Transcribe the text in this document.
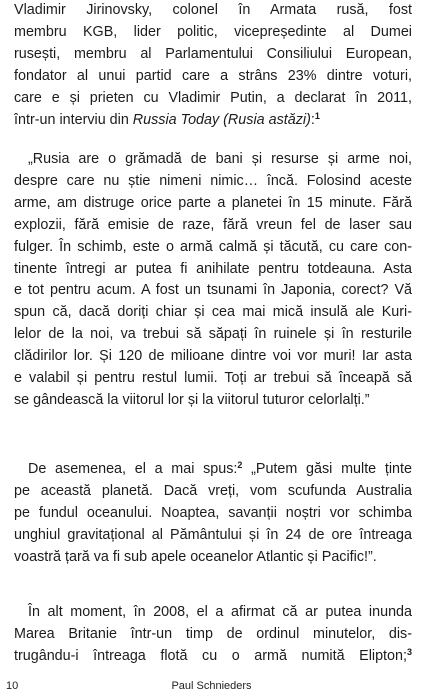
Vladimir Jirinovsky, colonel în Armata rusă, fost
membru KGB, lider politic, vicepreședinte al Dumei
rusești, membru al Parlamentului Consiliului European,
fondator al unui partid care a strâns 23% dintre voturi,
care e și prieten cu Vladimir Putin, a declarat în 2011,
într-un interviu din Russia Today (Rusia astăzi):$^1$
„Rusia are o grămadă de bani și resurse și arme noi,
despre care nu știe nimeni nimic… încă. Folosind aceste
arme, am distruge orice parte a planetei în 15 minute. Fără
explozii, fără emisie de raze, fără vreun fel de laser sau
fulger. În schimb, este o armă calmă și tăcută, cu care con-
tinente întregi ar putea fi anihilate pentru totdeauna. Asta
e tot pentru acum. A fost un tsunami în Japonia, corect? Vă
spun că, dacă doriți chiar și cea mai mică insulă ale Kuri-
lelor de la noi, va trebui să săpați în ruinele și în resturile
clădirilor lor. Și 120 de milioane dintre voi vor muri! Iar asta
e valabil și pentru restul lumii. Toți ar trebui să înceapă să
se gândească la viitorul lor și la viitorul tuturor celorlalți.”
De asemenea, el a mai spus:$^2$ „Putem găsi multe ținte
pe această planetă. Dacă vreți, vom scufunda Australia
pe fundul oceanului. Noaptea, savanții noștri vor schimba
unghiul gravitațional al Pământului și în 24 de ore întreaga
voastră țară va fi sub apele oceanelor Atlantic și Pacific!”.
În alt moment, în 2008, el a afirmat că ar putea inunda
Marea Britanie într-un timp de ordinul minutelor, dis-
trugându-i întreaga flotă cu o armă numită Elipton;$^3$
10	Paul Schnieders
